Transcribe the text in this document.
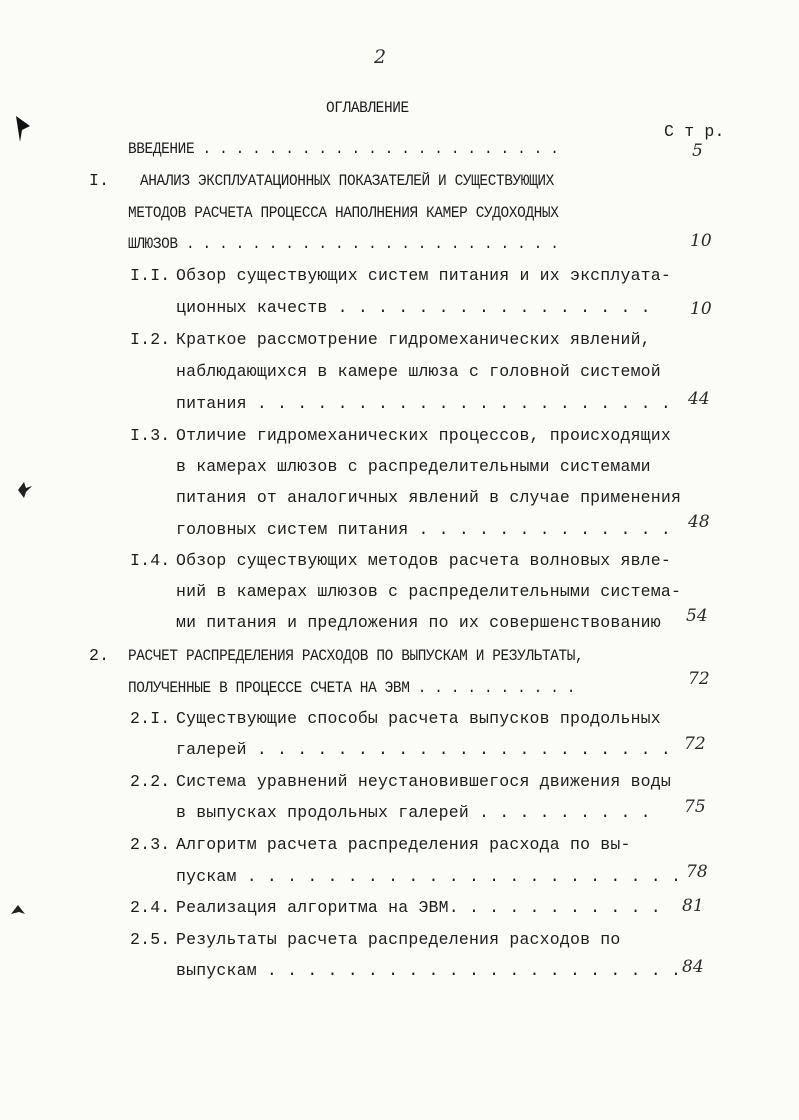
2
ОГЛАВЛЕНИЕ
С т р.
ВВЕДЕНИЕ . . . . . . . . . . . . . . . . . . . . . .	5
I. АНАЛИЗ ЭКСПЛУАТАЦИОННЫХ ПОКАЗАТЕЛЕЙ И СУЩЕСТВУЮЩИХ
МЕТОДОВ РАСЧЕТА ПРОЦЕССА НАПОЛНЕНИЯ КАМЕР СУДОХОДНЫХ
ШЛЮЗОВ . . . . . . . . . . . . . . . . . . . . . . .	10
I.I. Обзор существующих систем питания и их эксплуата-
ционных качеств . . . . . . . . . . . . . . . . 10
I.2. Краткое рассмотрение гидромеханических явлений,
наблюдающихся в камере шлюза с головной системой
питания . . . . . . . . . . . . . . . . . . . . . 44
I.3. Отличие гидромеханических процессов, происходящих
в камерах шлюзов с распределительными системами
питания от аналогичных явлений в случае применения
головных систем питания . . . . . . . . . . . . . 48
I.4. Обзор существующих методов расчета волновых явле-
ний в камерах шлюзов с распределительными система-
ми питания и предложения по их совершенствованию 54
2. РАСЧЕТ РАСПРЕДЕЛЕНИЯ РАСХОДОВ ПО ВЫПУСКАМ И РЕЗУЛЬТАТЫ,
ПОЛУЧЕННЫЕ В ПРОЦЕССЕ СЧЕТА НА ЭВМ . . . . . . . . . .	72
2.I. Существующие способы расчета выпусков продольных
галерей . . . . . . . . . . . . . . . . . . . . . 72
2.2. Система уравнений неустановившегося движения воды
в выпусках продольных галерей . . . . . . . . . 75
2.3. Алгоритм расчета распределения расхода по вы-
пускам . . . . . . . . . . . . . . . . . . . . . . 78
2.4. Реализация алгоритма на ЭВМ. . . . . . . . . . . 81
2.5. Результаты расчета распределения расходов по
выпускам . . . . . . . . . . . . . . . . . . . . . 84
